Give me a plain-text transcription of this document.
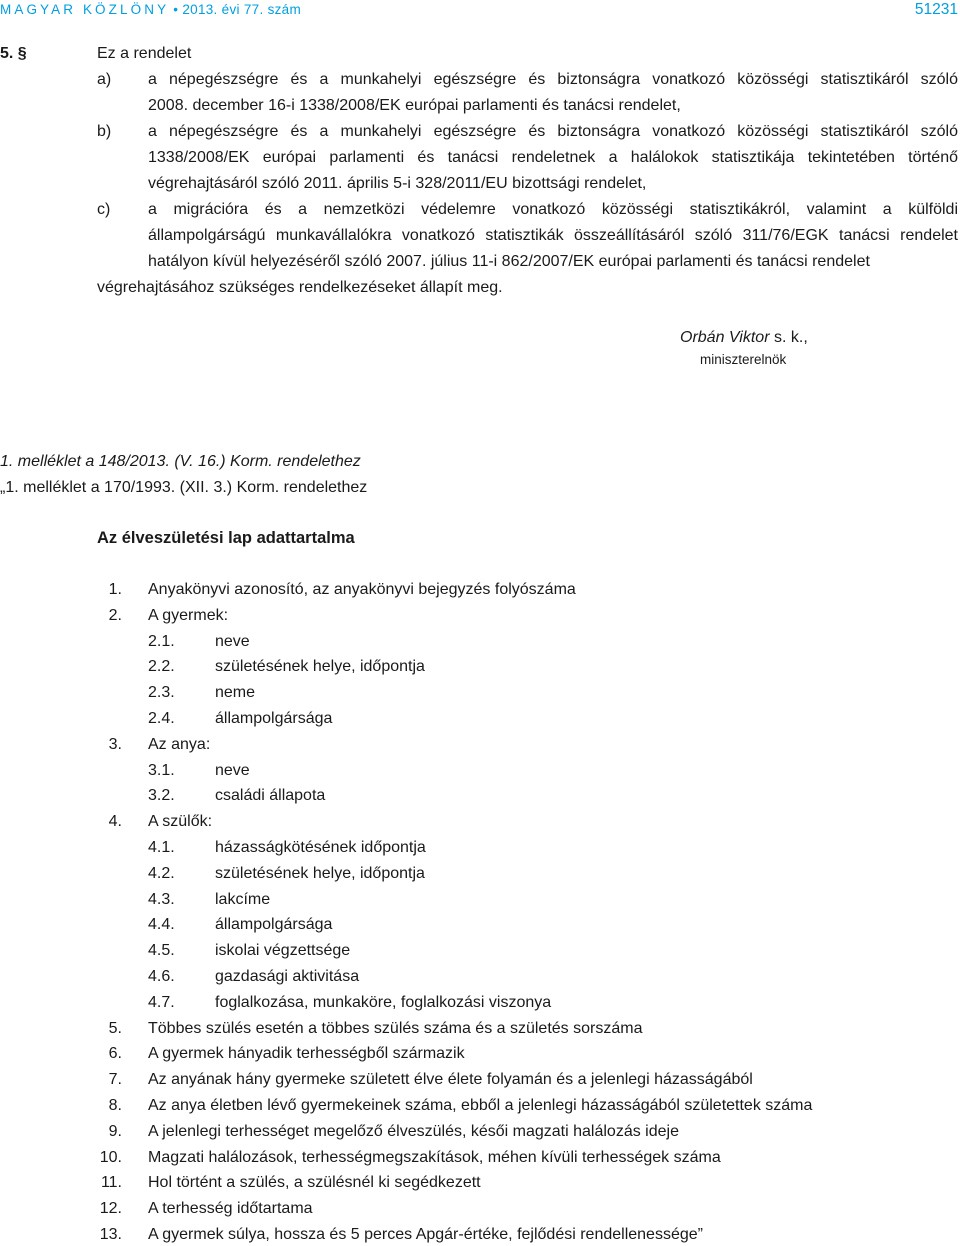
MAGYAR KÖZLÖNY • 2013. évi 77. szám	51231
5. §	Ez a rendelet
a) a népegészségre és a munkahelyi egészségre és biztonságra vonatkozó közösségi statisztikáról szóló
2008. december 16-i 1338/2008/EK európai parlamenti és tanácsi rendelet,
b) a népegészségre és a munkahelyi egészségre és biztonságra vonatkozó közösségi statisztikáról szóló
1338/2008/EK európai parlamenti és tanácsi rendeletnek a halálokok statisztikája tekintetében történő
végrehajtásáról szóló 2011. április 5-i 328/2011/EU bizottsági rendelet,
c) a migrációra és a nemzetközi védelemre vonatkozó közösségi statisztikákról, valamint a külföldi
állampolgárságú munkavállalókra vonatkozó statisztikák összeállításáról szóló 311/76/EGK tanácsi rendelet
hatályon kívül helyezéséről szóló 2007. július 11-i 862/2007/EK európai parlamenti és tanácsi rendelet
végrehajtásához szükséges rendelkezéseket állapít meg.
Orbán Viktor s. k.,
miniszterelnök
1. melléklet a 148/2013. (V. 16.) Korm. rendelethez
„1. melléklet a 170/1993. (XII. 3.) Korm. rendelethez
Az élveszületési lap adattartalma
1. Anyakönyvi azonosító, az anyakönyvi bejegyzés folyószáma
2. A gyermek:
2.1.	neve
2.2.	születésének helye, időpontja
2.3.	neme
2.4.	állampolgársága
3. Az anya:
3.1.	neve
3.2.	családi állapota
4. A szülők:
4.1.	házasságkötésének időpontja
4.2.	születésének helye, időpontja
4.3.	lakcíme
4.4.	állampolgársága
4.5.	iskolai végzettsége
4.6.	gazdasági aktivitása
4.7.	foglalkozása, munkaköre, foglalkozási viszonya
5. Többes szülés esetén a többes szülés száma és a születés sorszáma
6. A gyermek hányadik terhességből származik
7. Az anyának hány gyermeke született élve élete folyamán és a jelenlegi házasságából
8. Az anya életben lévő gyermekeinek száma, ebből a jelenlegi házasságából születettek száma
9. A jelenlegi terhességet megelőző élveszülés, késői magzati halálozás ideje
10. Magzati halálozások, terhességmegszakítások, méhen kívüli terhességek száma
11. Hol történt a szülés, a szülésnél ki segédkezett
12. A terhesség időtartama
13. A gyermek súlya, hossza és 5 perces Apgár-értéke, fejlődési rendellenessége”
